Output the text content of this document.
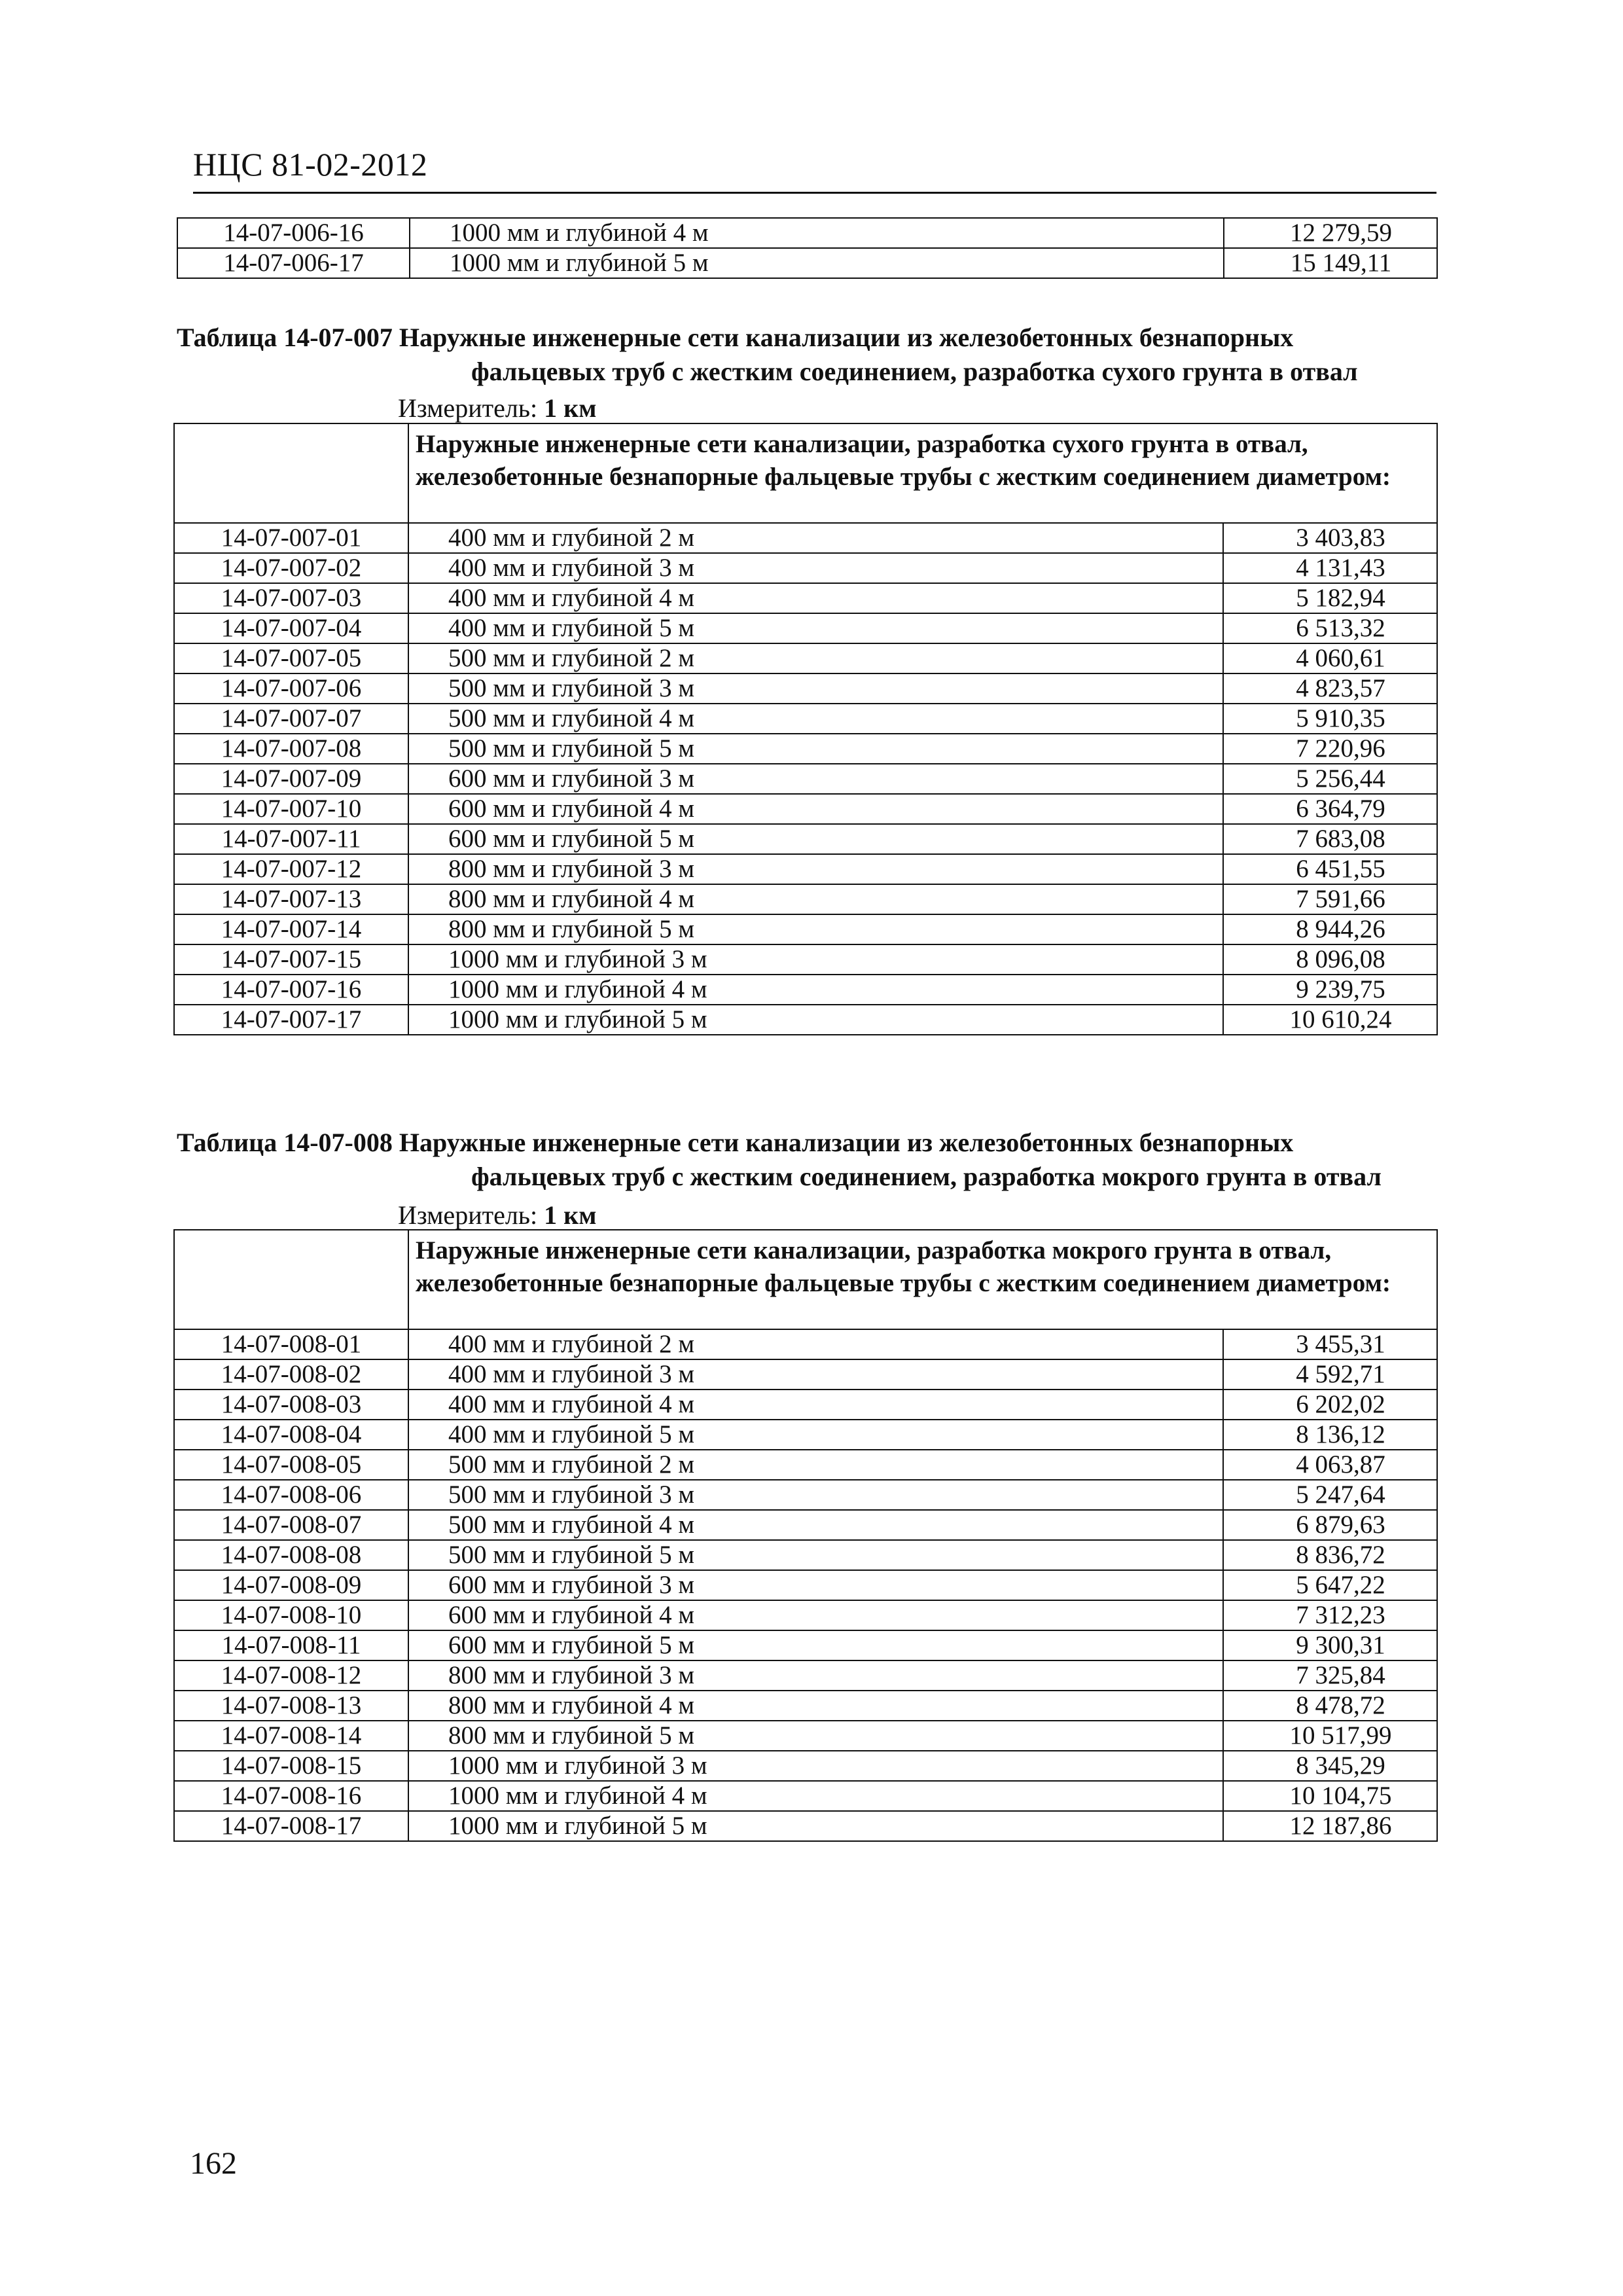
НЦС 81-02-2012
14-07-006-16	1000 мм и глубиной 4 м	12 279,59
14-07-006-17	1000 мм и глубиной 5 м	15 149,11
Таблица 14-07-007 Наружные инженерные сети канализации из железобетонных безнапорных
фальцевых труб с жестким соединением, разработка сухого грунта в отвал
Измеритель: 1 км
	Наружные инженерные сети канализации, разработка сухого грунта в отвал, железобетонные безнапорные фальцевые трубы с жестким соединением диаметром:	
14-07-007-01	400 мм и глубиной 2 м	3 403,83
14-07-007-02	400 мм и глубиной 3 м	4 131,43
14-07-007-03	400 мм и глубиной 4 м	5 182,94
14-07-007-04	400 мм и глубиной 5 м	6 513,32
14-07-007-05	500 мм и глубиной 2 м	4 060,61
14-07-007-06	500 мм и глубиной 3 м	4 823,57
14-07-007-07	500 мм и глубиной 4 м	5 910,35
14-07-007-08	500 мм и глубиной 5 м	7 220,96
14-07-007-09	600 мм и глубиной 3 м	5 256,44
14-07-007-10	600 мм и глубиной 4 м	6 364,79
14-07-007-11	600 мм и глубиной 5 м	7 683,08
14-07-007-12	800 мм и глубиной 3 м	6 451,55
14-07-007-13	800 мм и глубиной 4 м	7 591,66
14-07-007-14	800 мм и глубиной 5 м	8 944,26
14-07-007-15	1000 мм и глубиной 3 м	8 096,08
14-07-007-16	1000 мм и глубиной 4 м	9 239,75
14-07-007-17	1000 мм и глубиной 5 м	10 610,24
Таблица 14-07-008 Наружные инженерные сети канализации из железобетонных безнапорных
фальцевых труб с жестким соединением, разработка мокрого грунта в отвал
Измеритель: 1 км
	Наружные инженерные сети канализации, разработка мокрого грунта в отвал, железобетонные безнапорные фальцевые трубы с жестким соединением диаметром:	
14-07-008-01	400 мм и глубиной 2 м	3 455,31
14-07-008-02	400 мм и глубиной 3 м	4 592,71
14-07-008-03	400 мм и глубиной 4 м	6 202,02
14-07-008-04	400 мм и глубиной 5 м	8 136,12
14-07-008-05	500 мм и глубиной 2 м	4 063,87
14-07-008-06	500 мм и глубиной 3 м	5 247,64
14-07-008-07	500 мм и глубиной 4 м	6 879,63
14-07-008-08	500 мм и глубиной 5 м	8 836,72
14-07-008-09	600 мм и глубиной 3 м	5 647,22
14-07-008-10	600 мм и глубиной 4 м	7 312,23
14-07-008-11	600 мм и глубиной 5 м	9 300,31
14-07-008-12	800 мм и глубиной 3 м	7 325,84
14-07-008-13	800 мм и глубиной 4 м	8 478,72
14-07-008-14	800 мм и глубиной 5 м	10 517,99
14-07-008-15	1000 мм и глубиной 3 м	8 345,29
14-07-008-16	1000 мм и глубиной 4 м	10 104,75
14-07-008-17	1000 мм и глубиной 5 м	12 187,86
162
